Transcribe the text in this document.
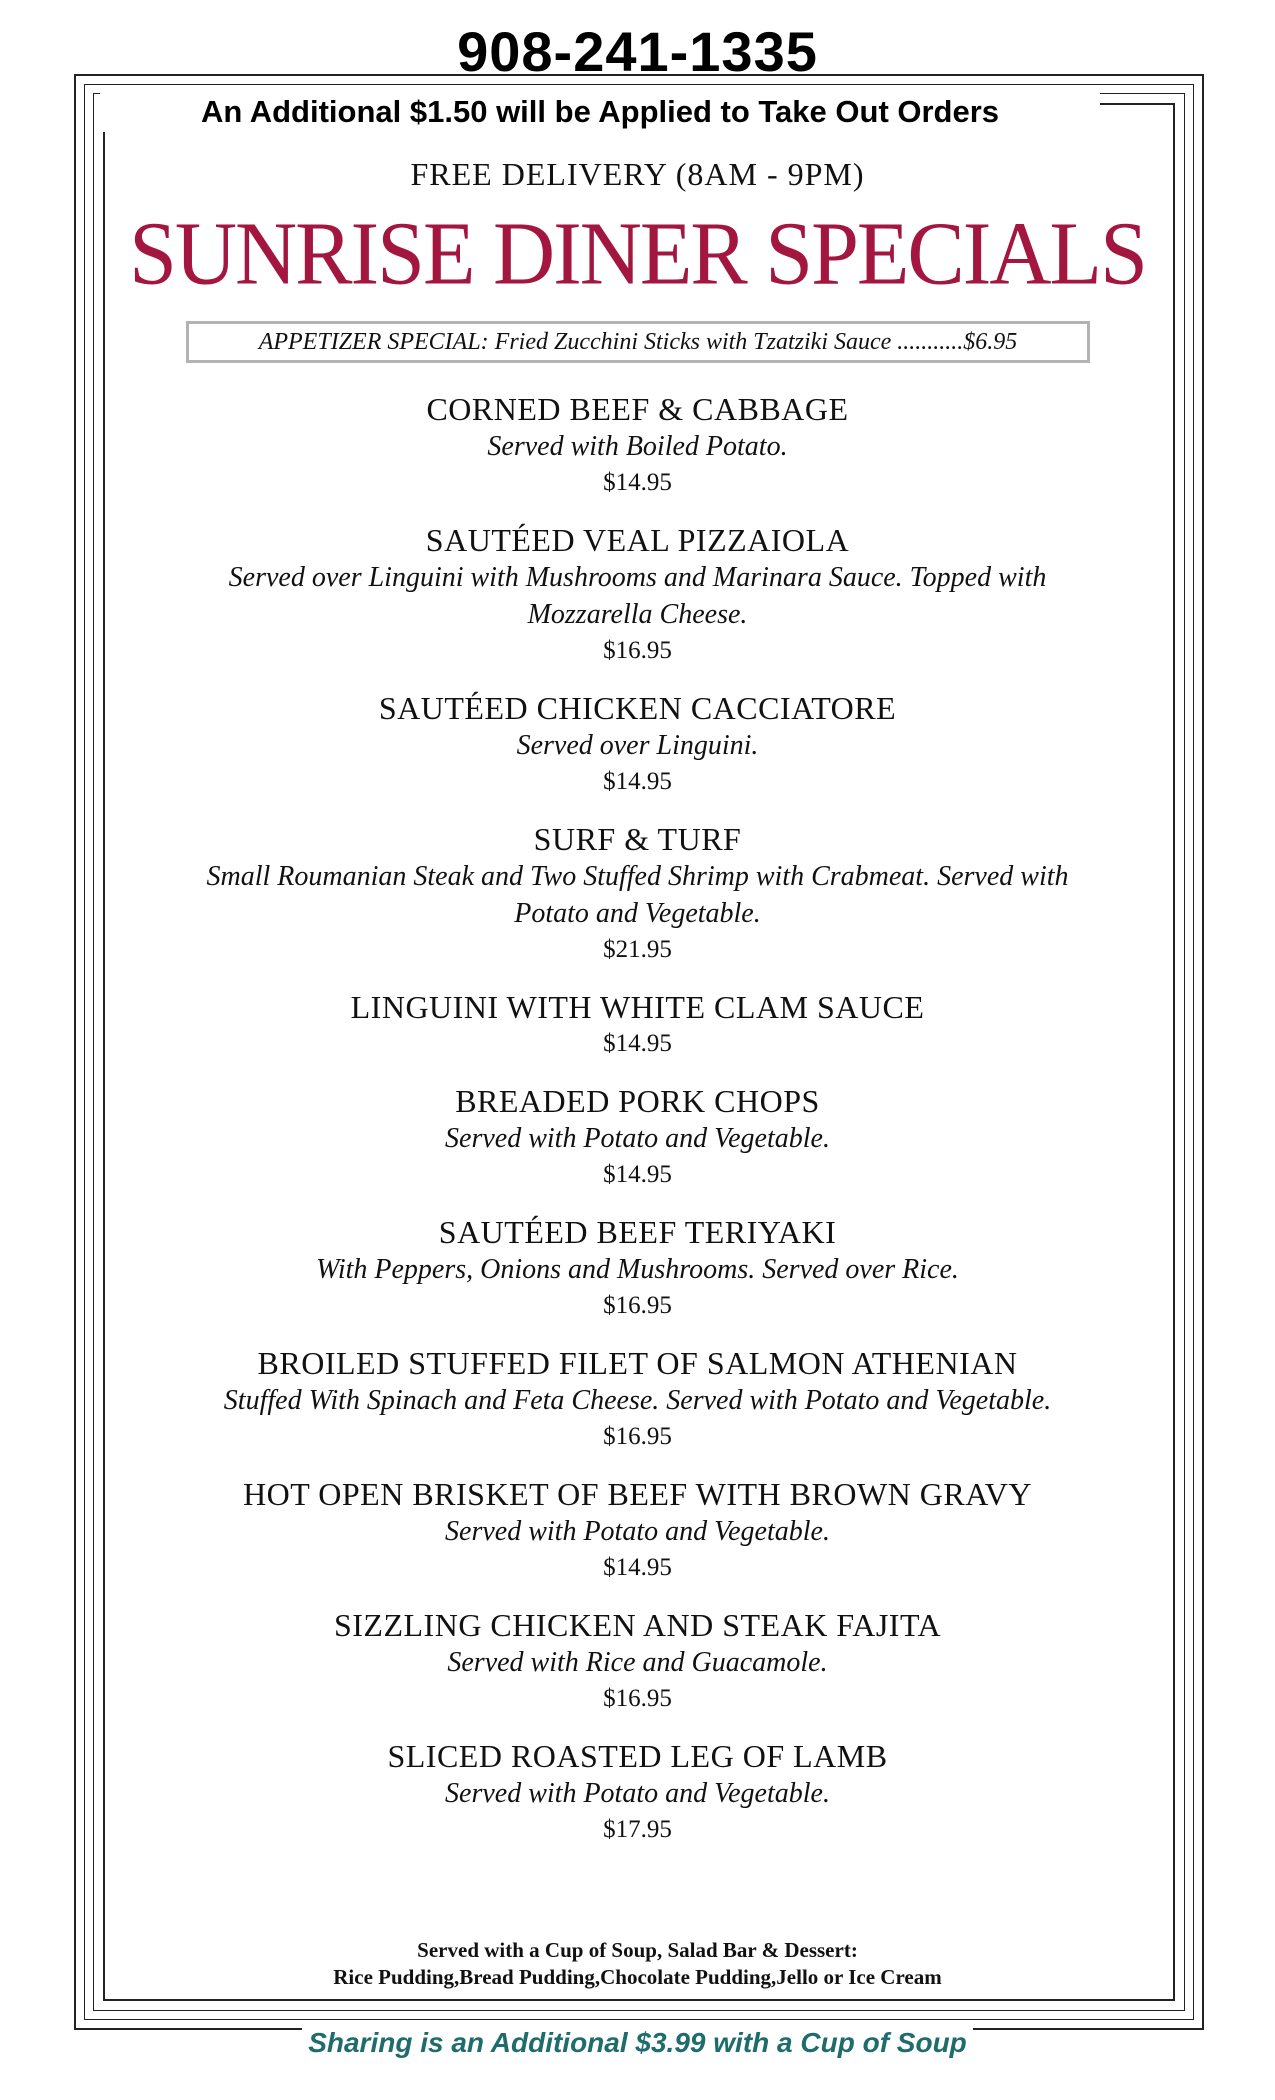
908-241-1335
An Additional $1.50 will be Applied to Take Out Orders
FREE DELIVERY (8AM - 9PM)
SUNRISE DINER SPECIALS
APPETIZER SPECIAL: Fried Zucchini Sticks with Tzatziki Sauce ...........$6.95
CORNED BEEF & CABBAGE
Served with Boiled Potato.
$14.95
SAUTÉED VEAL PIZZAIOLA
Served over Linguini with Mushrooms and Marinara Sauce. Topped with Mozzarella Cheese.
$16.95
SAUTÉED CHICKEN CACCIATORE
Served over Linguini.
$14.95
SURF & TURF
Small Roumanian Steak and Two Stuffed Shrimp with Crabmeat. Served with Potato and Vegetable.
$21.95
LINGUINI WITH WHITE CLAM SAUCE
$14.95
BREADED PORK CHOPS
Served with Potato and Vegetable.
$14.95
SAUTÉED BEEF TERIYAKI
With Peppers, Onions and Mushrooms. Served over Rice.
$16.95
BROILED STUFFED FILET OF SALMON ATHENIAN
Stuffed With Spinach and Feta Cheese. Served with Potato and Vegetable.
$16.95
HOT OPEN BRISKET OF BEEF WITH BROWN GRAVY
Served with Potato and Vegetable.
$14.95
SIZZLING CHICKEN AND STEAK FAJITA
Served with Rice and Guacamole.
$16.95
SLICED ROASTED LEG OF LAMB
Served with Potato and Vegetable.
$17.95
Served with a Cup of Soup, Salad Bar & Dessert:
Rice Pudding,Bread Pudding,Chocolate Pudding,Jello or Ice Cream
Sharing is an Additional $3.99 with a Cup of Soup
